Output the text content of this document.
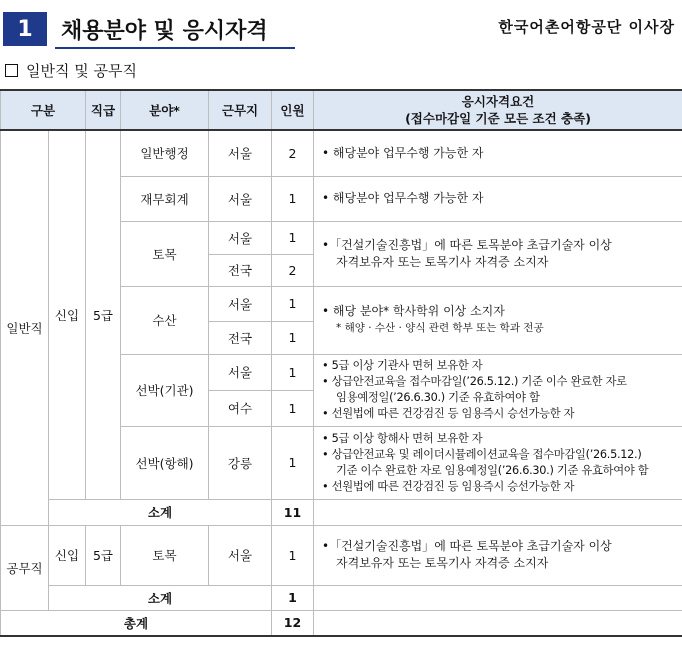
1	채용분야 및 응시자격	한국어촌어항공단 이사장
일반직 및 공무직
구분		직급	분야*	근무지	인원	응시자격요건
(접수마감일 기준 모든 조건 충족)

일반직	신입	5급	일반행정	서울	2	• 해당분야 업무수행 가능한 자

			재무회계	서울	1	• 해당분야 업무수행 가능한 자

			토목	서울	1	•「건설기술진흥법」에 따른 토목분야 초급기술자 이상
자격보유자 또는 토목기사 자격증 소지자

				전국	2	
			수산	서울	1	• 해당 분야* 학사학위 이상 소지자
* 해양 · 수산 · 양식 관련 학부 또는 학과 전공

				전국	1	
			선박(기관)	서울	1	• 5급 이상 기관사 면허 보유한 자
• 상급안전교육을 접수마감일(’26.5.12.) 기준 이수 완료한 자로
임용예정일(’26.6.30.) 기준 유효하여야 함
• 선원법에 따른 건강검진 등 임용즉시 승선가능한 자

				여수	1	
			선박(항해)	강릉	1	• 5급 이상 항해사 면허 보유한 자
• 상급안전교육 및 레이더시뮬레이션교육을 접수마감일(’26.5.12.)
기준 이수 완료한 자로 임용예정일(’26.6.30.) 기준 유효하여야 함
• 선원법에 따른 건강검진 등 임용즉시 승선가능한 자

	소계				11	
공무직	신입	5급	토목	서울	1	•「건설기술진흥법」에 따른 토목분야 초급기술자 이상
자격보유자 또는 토목기사 자격증 소지자

	소계				1	
총계					12	
